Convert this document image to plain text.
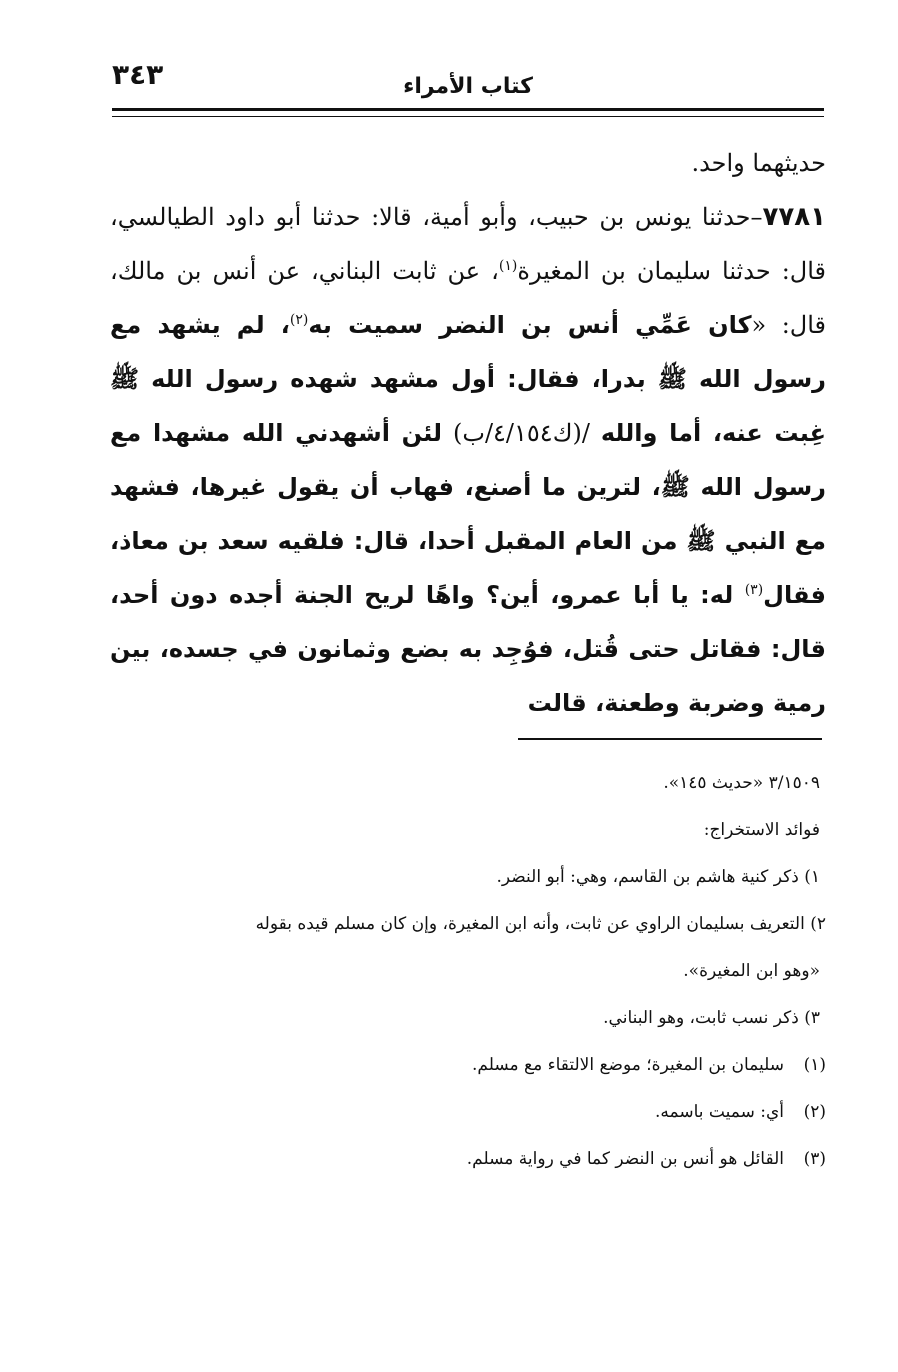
٣٤٣	كتاب الأمراء

حديثهما واحد.

٧٧٨١–حدثنا يونس بن حبيب، وأبو أمية، قالا: حدثنا أبو داود الطيالسي، قال: حدثنا سليمان بن المغيرة$^{(١)}$، عن ثابت البناني، عن أنس بن مالك، قال: «كان عَمِّي أنس بن النضر سميت به$^{(٢)}$، لم يشهد مع رسول الله ﷺ بدرا، فقال: أول مشهد شهده رسول الله ﷺ غِبت عنه، أما والله /(ك٤/١٥٤/ب) لئن أشهدني الله مشهدا مع رسول الله ﷺ، لترين ما أصنع، فهاب أن يقول غيرها، فشهد مع النبي ﷺ من العام المقبل أحدا، قال: فلقيه سعد بن معاذ، فقال$^{(٣)}$ له: يا أبا عمرو، أين؟ واهًا لريح الجنة أجده دون أحد، قال: فقاتل حتى قُتل، فوُجِد به بضع وثمانون في جسده، بين رمية وضربة وطعنة، قالت

٣/١٥٠٩ «حديث ١٤٥».
فوائد الاستخراج:
١) ذكر كنية هاشم بن القاسم، وهي: أبو النضر.
٢) التعريف بسليمان الراوي عن ثابت، وأنه ابن المغيرة، وإن كان مسلم قيده بقوله
«وهو ابن المغيرة».
٣) ذكر نسب ثابت، وهو البناني.
(١)سليمان بن المغيرة؛ موضع الالتقاء مع مسلم.
(٢)أي: سميت باسمه.
(٣)القائل هو أنس بن النضر كما في رواية مسلم.
